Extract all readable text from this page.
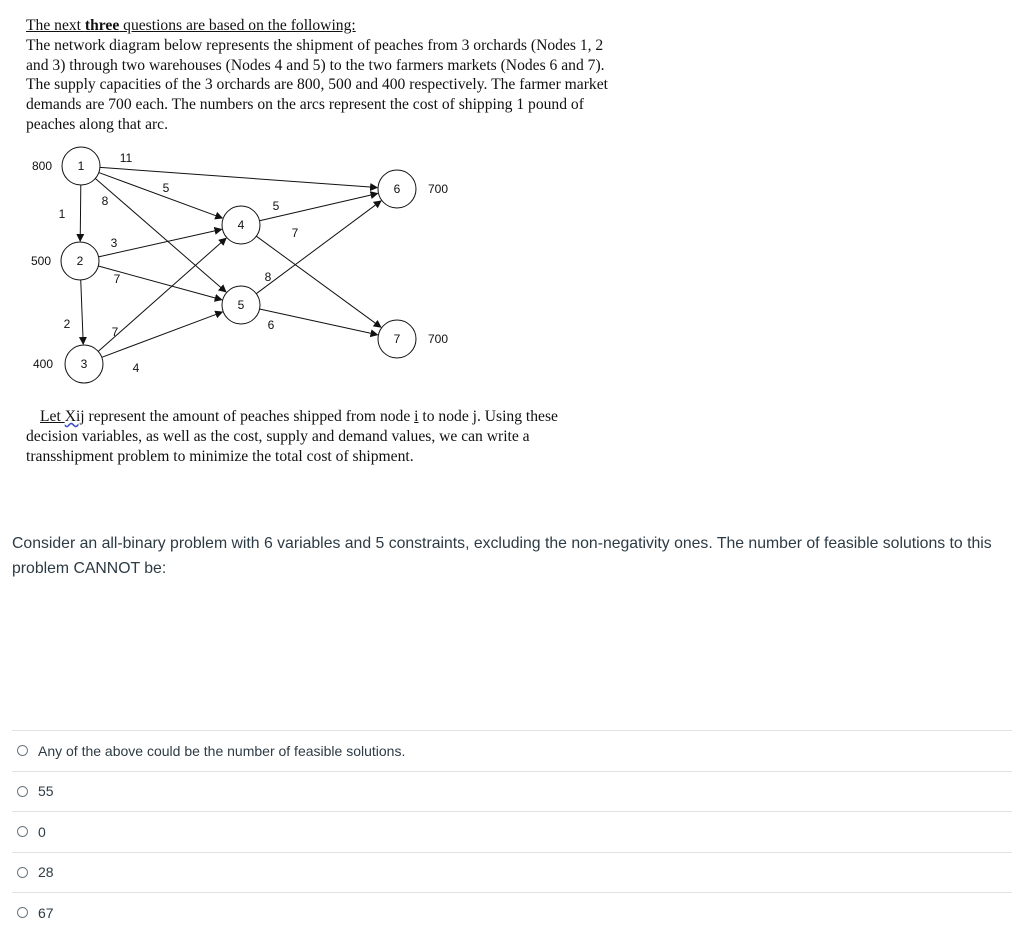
The next three questions are based on the following:
The network diagram below represents the shipment of peaches from 3 orchards (Nodes 1, 2
and 3) through two warehouses (Nodes 4 and 5) to the two farmers markets (Nodes 6 and 7).
The supply capacities of the 3 orchards are 800, 500 and 400 respectively. The farmer market
demands are 700 each. The numbers on the arcs represent the cost of shipping 1 pound of
peaches along that arc.
1
800
2
500
3
400
4
5
6 700
7 700
1
2
11
5
8
3
7
7
4
5
7
8
6
Let Xij represent the amount of peaches shipped from node i to node j. Using these
decision variables, as well as the cost, supply and demand values, we can write a
transshipment problem to minimize the total cost of shipment.
Consider an all-binary problem with 6 variables and 5 constraints, excluding the non-negativity ones. The number of feasible solutions to this problem CANNOT be:
Any of the above could be the number of feasible solutions.
55
0
28
67
